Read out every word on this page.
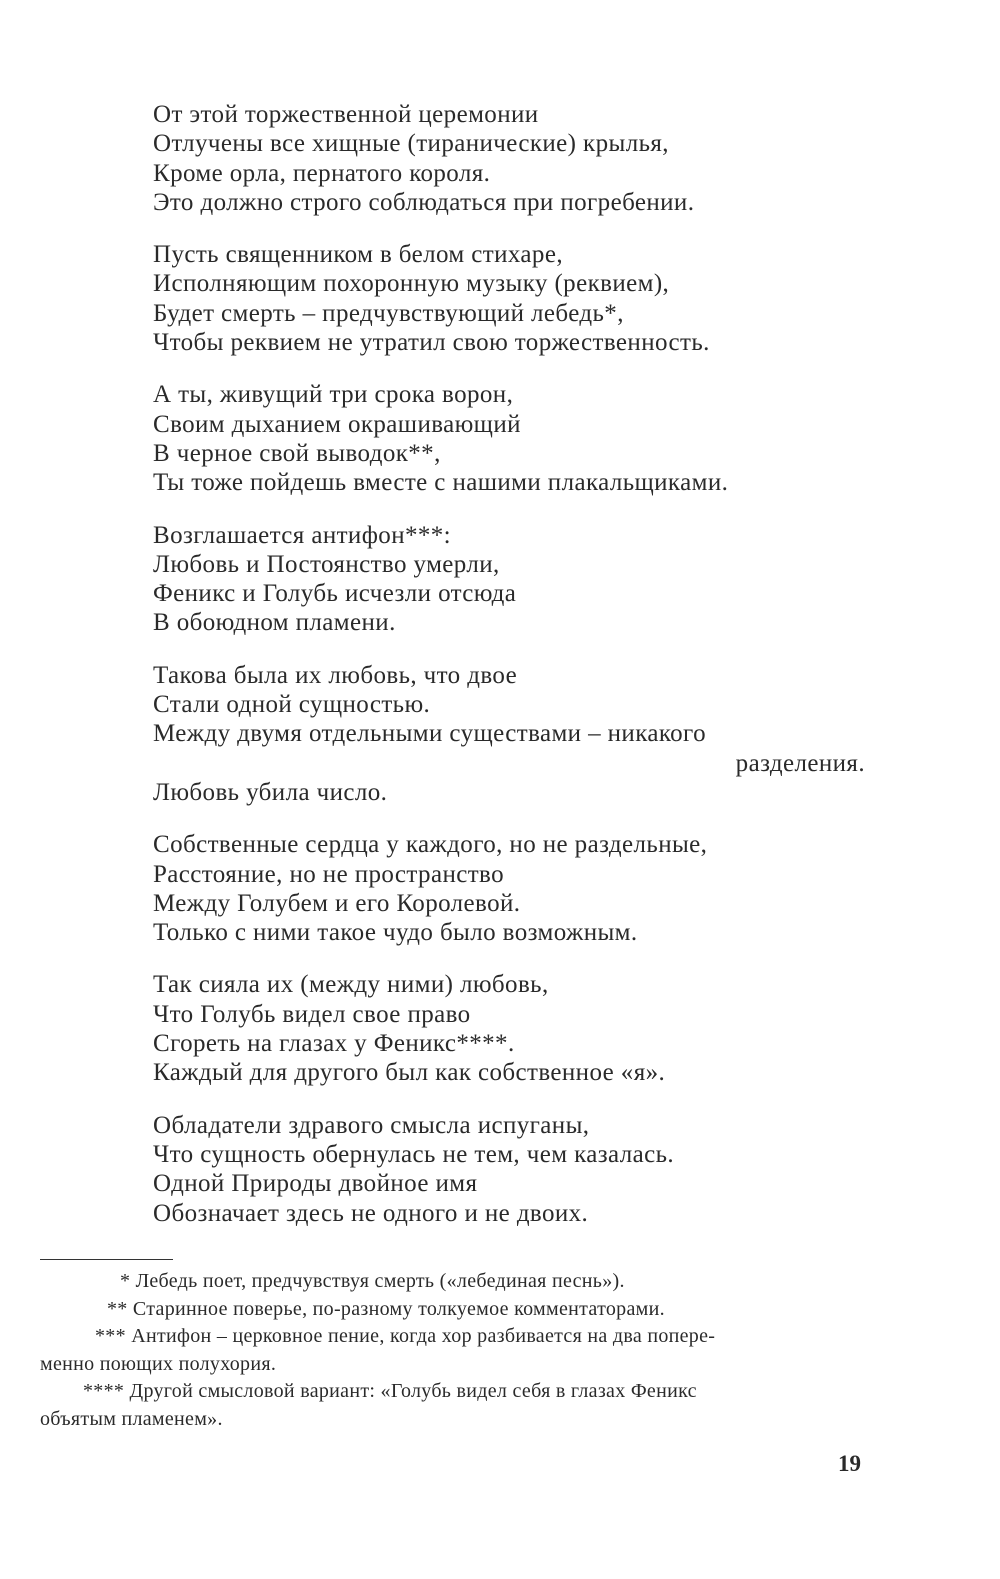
От этой торжественной церемонии
Отлучены все хищные (тиранические) крылья,
Кроме орла, пернатого короля.
Это должно строго соблюдаться при погребении.
Пусть священником в белом стихаре,
Исполняющим похоронную музыку (реквием),
Будет смерть – предчувствующий лебедь*,
Чтобы реквием не утратил свою торжественность.
А ты, живущий три срока ворон,
Своим дыханием окрашивающий
В черное свой выводок**,
Ты тоже пойдешь вместе с нашими плакальщиками.
Возглашается антифон***:
Любовь и Постоянство умерли,
Феникс и Голубь исчезли отсюда
В обоюдном пламени.
Такова была их любовь, что двое
Стали одной сущностью.
Между двумя отдельными существами – никакого
разделения.
Любовь убила число.
Собственные сердца у каждого, но не раздельные,
Расстояние, но не пространство
Между Голубем и его Королевой.
Только с ними такое чудо было возможным.
Так сияла их (между ними) любовь,
Что Голубь видел свое право
Сгореть на глазах у Феникс****.
Каждый для другого был как собственное «я».
Обладатели здравого смысла испуганы,
Что сущность обернулась не тем, чем казалась.
Одной Природы двойное имя
Обозначает здесь не одного и не двоих.
* Лебедь поет, предчувствуя смерть («лебединая песнь»).
** Старинное поверье, по-разному толкуемое комментаторами.
*** Антифон – церковное пение, когда хор разбивается на два попере-
менно поющих полухория.
**** Другой смысловой вариант: «Голубь видел себя в глазах Феникс
объятым пламенем».
19
